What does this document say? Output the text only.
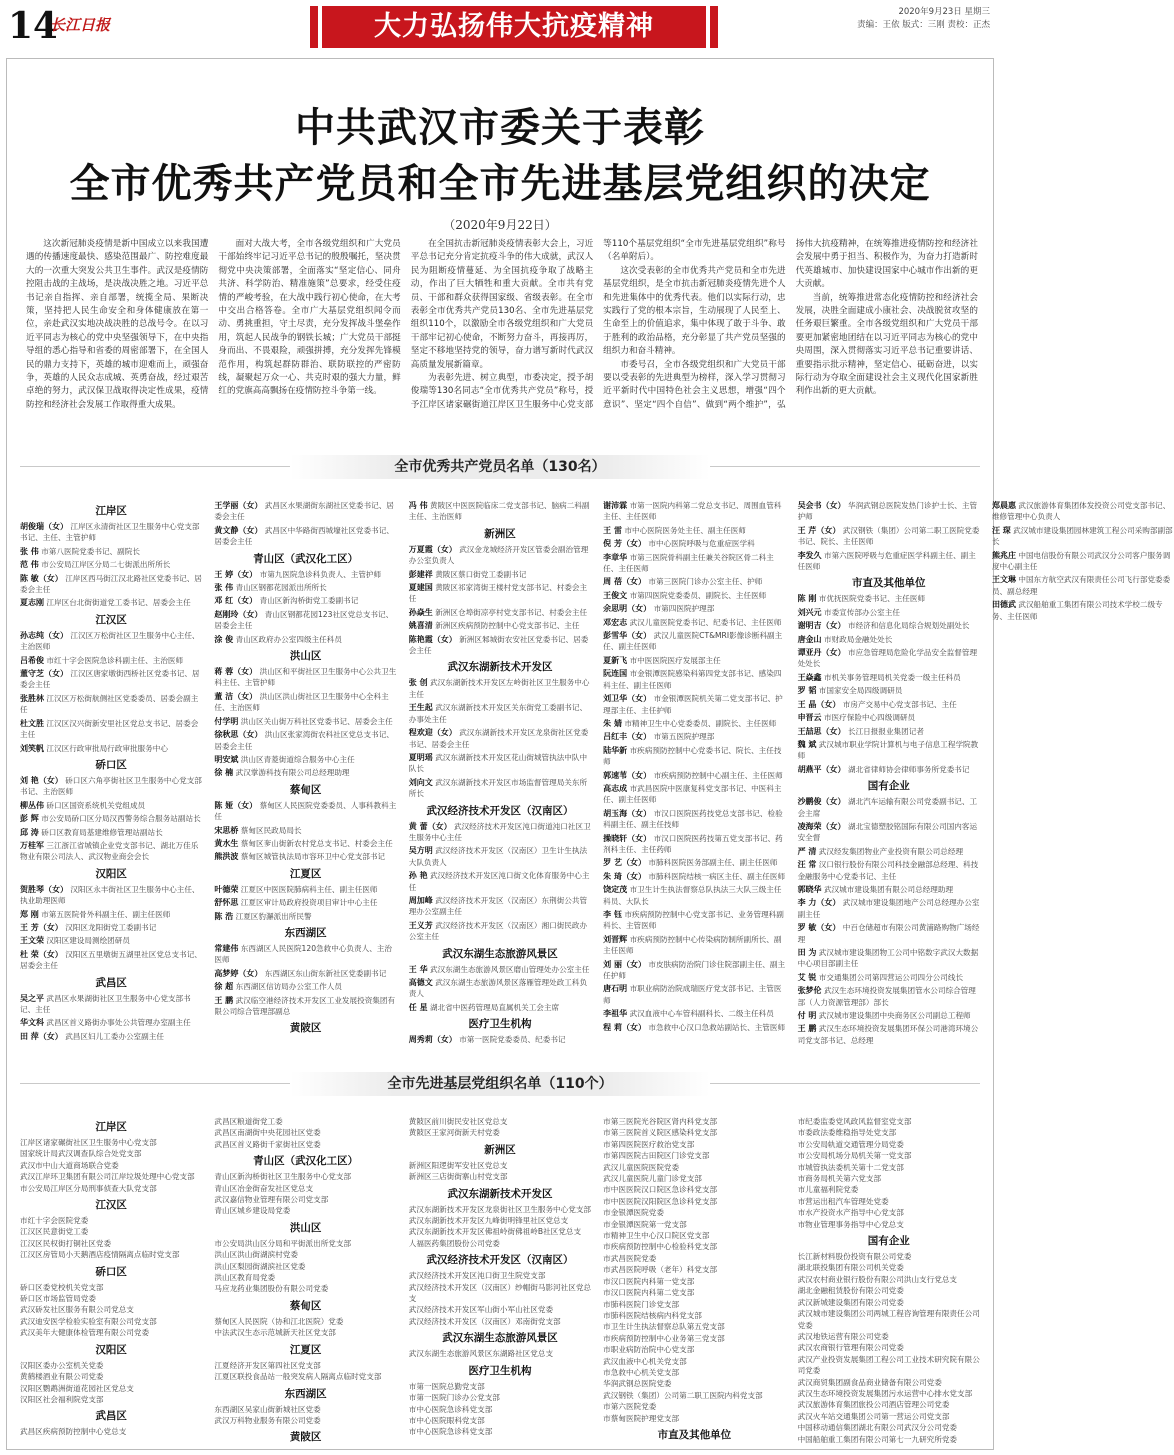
14
长江日报	大力弘扬伟大抗疫精神	2020年9月23日 星期三
责编：王依 版式：三刚 责校：正杰
中共武汉市委关于表彰
全市优秀共产党员和全市先进基层党组织的决定
（2020年9月22日）

这次新冠肺炎疫情是新中国成立以来我国遭遇的传播速度最快、感染范围最广、防控难度最大的一次重大突发公共卫生事件。武汉是疫情防控阻击战的主战场，是决战决胜之地。习近平总书记亲自指挥、亲自部署，统揽全局、果断决策，坚持把人民生命安全和身体健康放在第一位，亲赴武汉实地决战决胜的总战号令。在以习近平同志为核心的党中央坚强领导下，在中央指导组的悉心指导和省委的周密部署下，在全国人民的鼎力支持下，英雄的城市迎难而上，顽强奋争，英雄的人民众志成城、英勇奋战，经过艰苦卓绝的努力，武汉保卫战取得决定性成果，疫情防控和经济社会发展工作取得重大成果。

面对大战大考，全市各级党组织和广大党员干部始终牢记习近平总书记的殷殷嘱托，坚决贯彻党中央决策部署，全面落实“坚定信心、同舟共济、科学防治、精准施策”总要求，经受住疫情的严峻考验，在大战中践行初心使命，在大考中交出合格答卷。全市广大基层党组织闻令而动、勇挑重担，守土尽责，充分发挥战斗堡垒作用，筑起人民战争的钢铁长城；广大党员干部挺身而出、不畏艰险，顽强拼搏，充分发挥先锋模范作用，构筑起群防群治、联防联控的严密防线，凝聚起万众一心、共克时艰的强大力量，鲜红的党旗高高飘扬在疫情防控斗争第一线。

在全国抗击新冠肺炎疫情表彰大会上，习近平总书记充分肯定抗疫斗争的伟大成就，武汉人民为阻断疫情蔓延、为全国抗疫争取了战略主动，作出了巨大牺牲和重大贡献。全市共有党员、干部和群众获得国家级、省级表彰。在全市表彰全市优秀共产党员130名、全市先进基层党组织110个，以激励全市各级党组织和广大党员干部牢记初心使命，不断努力奋斗，再接再厉，坚定不移地坚持党的领导，奋力谱写新时代武汉高质量发展新篇章。

为表彰先进、树立典型，市委决定，授予胡俊瑞等130名同志“全市优秀共产党员”称号，授予江岸区诸家碾街道江岸区卫生服务中心党支部等110个基层党组织“全市先进基层党组织”称号（名单附后）。

这次受表彰的全市优秀共产党员和全市先进基层党组织，是全市抗击新冠肺炎疫情先进个人和先进集体中的优秀代表。他们以实际行动，忠实践行了党的根本宗旨，生动展现了人民至上、生命至上的价值追求，集中体现了敢于斗争、敢于胜利的政治品格，充分彰显了共产党员坚强的组织力和奋斗精神。

市委号召，全市各级党组织和广大党员干部要以受表彰的先进典型为榜样，深入学习贯彻习近平新时代中国特色社会主义思想，增强“四个意识”、坚定“四个自信”、做到“两个维护”，弘扬伟大抗疫精神，在统筹推进疫情防控和经济社会发展中勇于担当、积极作为，为奋力打造新时代英雄城市、加快建设国家中心城市作出新的更大贡献。

当前，统筹推进常态化疫情防控和经济社会发展，决胜全面建成小康社会、决战脱贫攻坚的任务艰巨繁重。全市各级党组织和广大党员干部要更加紧密地团结在以习近平同志为核心的党中央周围，深入贯彻落实习近平总书记重要讲话、重要指示批示精神，坚定信心、砥砺奋进，以实际行动为夺取全面建设社会主义现代化国家新胜利作出新的更大贡献。

全市优秀共产党员名单（130名）
江岸区
胡俊瑞（女） 江岸区永清街社区卫生服务中心党支部书记、主任、主管护师
张 伟 市第八医院党委书记、副院长
范 伟 市公安局江岸区分局二七街派出所所长
陈 敏（女） 江岸区西马街江汉北路社区党委书记、居委会主任
夏志刚 江岸区台北街街道党工委书记、居委会主任
江汉区
孙志纯（女） 江汉区万松街社区卫生服务中心主任、主治医师
吕希俊 市红十字会医院急诊科副主任、主治医师
董守芝（女） 江汉区唐家墩街西桥社区党委书记、居委会主任
张胜林 江汉区万松街航侧社区党委委员、居委会副主任
杜文胜 江汉区汉兴街新安里社区党总支书记、居委会主任
刘笑帆 江汉区行政审批局行政审批服务中心
硚口区
刘 艳（女） 硚口区六角亭街社区卫生服务中心党支部书记、主治医师
柳丛伟 硚口区国资系统机关党组成员
彭 辉 市公安局硚口区分局汉西警务综合服务站副站长
邱 涛 硚口区教育局基建维修管理站副站长
万桂军 三江浙江省城镇企业党支部书记、湖北万佳乐物业有限公司法人、武汉物业商会会长
汉阳区
贺胜琴（女） 汉阳区永丰街社区卫生服务中心主任、执业助理医师
郑 刚 市第五医院骨外科副主任、副主任医师
王 芳（女） 汉阳区龙阳街党工委副书记
王文荣 汉阳区建设局测绘团研员
杜 荣（女） 汉阳区五里墩街五湖里社区党总支书记、居委会主任
武昌区
吴之平 武昌区水果湖街社区卫生服务中心党支部书记、主任
华文科 武昌区首义路街办事处公共管理办室副主任
田 萍（女） 武昌区妇儿工委办公室副主任
王学丽（女） 武昌区水果湖街东湖社区党委书记、居委会主任
黄文静（女） 武昌区中华路街西城壕社区党委书记、居委会主任
青山区（武汉化工区）
王 婷（女） 市第九医院急诊科负责人、主管护师
张 伟 青山区钢都花园派出所所长
邓 红（女） 青山区新沟桥街党工委副书记
赵刚玲（女） 青山区钢都花园123社区党总支书记、居委会主任
涂 俊 青山区政府办公室四级主任科员
洪山区
蒋 蓉（女） 洪山区和平街社区卫生服务中心公共卫生科主任、主管护师
董 洁（女） 洪山区洪山街社区卫生服务中心全科主任、主治医师
付学明 洪山区关山街万科社区党委书记、居委会主任
徐秋思（女） 洪山区张家湾街农科社区党总支书记、居委会主任
明安斌 洪山区青菱街道综合服务中心主任
徐 楠 武汉掌游科技有限公司总经理助理
蔡甸区
陈 娅（女） 蔡甸区人民医院党委委员、人事科教科主任
宋思桥 蔡甸区民政局局长
黄水生 蔡甸区奓山街新农村党总支书记、村委会主任
熊洪波 蔡甸区城管执法局市容环卫中心党支部书记
江夏区
叶德荣 江夏区中医医院肺病科主任、副主任医师
舒怀思 江夏区审计局政府投资项目审计中心主任
陈 浩 江夏区豹澥派出所民警
东西湖区
常建伟 东西湖区人民医院120急救中心负责人、主治医师
高梦婷（女） 东西湖区东山街东新社区党委副书记
徐 超 东西湖区信访局办公室工作人员
王 鹏 武汉临空港经济技术开发区工业发展投资集团有限公司综合管理部副总
黄陂区
冯 伟 黄陂区中医医院临床二党支部书记、脑病二科副主任、主治医师
新洲区
万夏霞（女） 武汉金龙城经济开发区管委会副治管理办公室负责人
彭建祥 黄陂区蔡口街党工委副书记
夏建国 黄陂区祁家湾街王楼村党支部书记、村委会主任
孙焱生 新洲区仓埠街凉亭村党支部书记、村委会主任
姚喜清 新洲区疾病预防控制中心党支部书记、主任
陈艳霞（女） 新洲区邾城街农安社区党委书记、居委会主任
武汉东湖新技术开发区
张 创 武汉东湖新技术开发区左岭街社区卫生服务中心主任
王生起 武汉东湖新技术开发区关东街党工委副书记、办事处主任
程欢迎（女） 武汉东湖新技术开发区龙泉街社区党委书记、居委会主任
夏明瑶 武汉东湖新技术开发区花山街城管执法中队中队长
刘向文 武汉东湖新技术开发区市场监督管理局关东所所长
武汉经济技术开发区（汉南区）
黄 蕾（女） 武汉经济技术开发区沌口街道沌口社区卫生服务中心主任
吴方明 武汉经济技术开发区（汉南区）卫生计生执法大队负责人
孙 艳 武汉经济技术开发区沌口街文化体育服务中心主任
周加峰 武汉经济技术开发区（汉南区）东荆街公共管理办公室副主任
王义芳 武汉经济技术开发区（汉南区）湘口街民政办公室主任
武汉东湖生态旅游风景区
王 华 武汉东湖生态旅游风景区磨山管理处办公室主任
高德文 武汉东湖生态旅游风景区落雁管理处政工科负责人
任 星 湖北省中医药管理局直属机关工会主席
医疗卫生机构
周秀莉（女） 市第一医院党委委员、纪委书记
谢沛霖 市第一医院内科第二党总支书记、周围血管科主任、主任医师
王 雷 市中心医院医务处主任、副主任医师
倪 芳（女） 市中心医院呼吸与危重症医学科
李章华 市第三医院骨科副主任兼关谷院区骨二科主任、主任医师
周 蓓（女） 市第三医院门诊办公室主任、护师
王俊文 市第四医院党委委员、副院长、主任医师
余思明（女） 市第四医院护理部
邓宏志 武汉儿童医院党委书记、纪委书记、主任医师
彭雪华（女） 武汉儿童医院CT&MRI影像诊断科副主任、副主任医师
夏新飞 市中医医院医疗发展部主任
阮连国 市金银潭医院感染科第四党支部书记、感染四科主任、副主任医师
刘卫华（女） 市金银潭医院机关第二党支部书记、护理部主任、主任护师
朱 婧 市精神卫生中心党委委员、副院长、主任医师
吕红丰（女） 市第五医院护理部
陆华新 市疾病预防控制中心党委书记、院长、主任技师
郭速苇（女） 市疾病预防控制中心副主任、主任医师
高志成 市武昌医院中医康复科党支部书记、中医科主任、副主任医师
胡玉海（女） 市汉口医院医药技党总支部书记、检验科副主任、副主任技师
操晓轩（女） 市汉口医院医药技第五党支部书记、药剂科主任、主任药师
罗 艺（女） 市肺科医院医务部副主任、副主任医师
朱 琦（女） 市肺科医院结核一病区主任、副主任医师
饶定茂 市卫生计生执法督察总队执法三大队三级主任科员、大队长
李 钰 市疾病预防控制中心党支部书记、业务管理科副科长、主管医师
刘晋辉 市疾病预防控制中心传染病防制所副所长、副主任医师
刘 丽（女） 市皮肤病防治院门诊住院部副主任、副主任护师
唐石明 市职业病防治院成瑞医疗党支部书记、主管医师
李祖华 武汉血液中心车管科副科长、二级主任科员
程 莉（女） 市急救中心汉口急救站副站长、主管医师
吴会书（女） 华润武钢总医院发热门诊护士长、主管护师
王 芹（女） 武汉钢铁（集团）公司第二职工医院党委书记、院长、主任医师
李发久 市第六医院呼吸与危重症医学科副主任、副主任医师
市直及其他单位
陈 刚 市优抚医院党委书记、主任医师
刘兴元 市委宣传部办公室主任
谢明吉（女） 市经济和信息化局综合规划处副处长
唐金山 市财政局金融处处长
谭亚丹（女） 市应急管理局危险化学品安全监督管理处处长
王焱鑫 市机关事务管理局机关党委一级主任科员
罗 韬 市国家安全局四级调研员
王 晶（女） 市房产交易中心党支部书记、主任
申晋云 市医疗保险中心四级调研员
王喆思（女） 长江日报报业集团记者
魏 斌 武汉城市职业学院计算机与电子信息工程学院教师
胡燕平（女） 湖北省律师协会律师事务所党委书记
国有企业
沙鹏俊（女） 湖北汽车运输有限公司党委副书记、工会主席
凌海荣（女） 湖北宝德塑胶铭国际有限公司国内客运安全督
严 清 武汉经发集团物业产业投资有限公司总经理
汪 常 汉口银行股份有限公司科技金融部总经理、科技金融服务中心党委书记、主任
郭晓华 武汉城市建设集团有限公司总经理助理
李 力（女） 武汉城市建设集团地产公司总经理办公室副主任
罗 敏（女） 中百仓储超市有限公司黄浦路购物广场经理
田 为 武汉城市建设集团物工公司中铭数字武汉大数据中心项目部副主任
艾 锐 市交通集团公司第四营运公司四分公司线长
张梦伦 武汉生态环境投资发展集团管水公司综合管理部（人力资源管理部）部长
付 明 武汉城市建设集团中央商务区公司副总工程师
王 鹏 武汉生态环境投资发展集团环保公司港湾环境公司党支部书记、总经理
郑晨惠 武汉旅游体育集团体发投资公司党支部书记、维修管理中心负责人
汪 琛 武汉城市建设集团园林建筑工程公司采购部副部长
熊兆庄 中国电信股份有限公司武汉分公司客户服务调度中心副主任
王文琳 中国东方航空武汉有限责任公司飞行部党委委员、副总经理
田德武 武汉船舶重工集团有限公司技术学校二级专务、主任医师
全市先进基层党组织名单（110个）
江岸区
江岸区诸家碾街社区卫生服务中心党支部
国家统计局武汉调查队综合处党支部
武汉市中山大道商场联合党委
武汉江岸环卫集团有限公司江岸垃圾处理中心党支部
市公安局江岸区分局刑事侦查大队党支部
江汉区
市红十字会医院党委
江汉区民意街党工委
江汉区民权街打铜社区党委
江汉区房管局小天鹅酒店疫情隔离点临时党支部
硚口区
硚口区委党校机关党支部
硚口区市场监管局党委
武汉硚发社区服务有限公司党总支
武汉迪安医学检验实验室有限公司党支部
武汉美年大健康体检管理有限公司党委
汉阳区
汉阳区委办公室机关党委
黄鹤楼酒业有限公司党委
汉阳区鹦鹉洲街道花园社区党总支
汉阳区社会福利院党支部
武昌区
武昌区疾病预防控制中心党总支
武昌区粮道街党工委
武昌区南湖街中央花园社区党委
武昌区首义路街千家街社区党委
青山区（武汉化工区）
青山区新沟桥街社区卫生服务中心党支部
青山区冶金街奋发社区党总支
武汉嘉信物业管理有限公司党支部
青山区城乡建设局党委
洪山区
市公安局洪山区分局和平街派出所党支部
洪山区洪山街湖滨村党委
洪山区梨园街湖滨社区党委
洪山区教育局党委
马应龙药业集团股份有限公司党委
蔡甸区
蔡甸区人民医院（协和江北医院）党委
中法武汉生态示范城新天社区党支部
江夏区
江夏经济开发区第四社区党支部
江夏区联投食品站一般突发病人隔离点临时党支部
东西湖区
东西湖区吴家山街新城社区党委
武汉万科物业服务有限公司党委
黄陂区
黄陂区前川街民安社区党总支
黄陂区王家河街新天村党委
新洲区
新洲区阳逻街军安社区党总支
新洲区三店街街寨山村党支部
武汉东湖新技术开发区
武汉东湖新技术开发区龙泉街社区卫生服务中心党支部
武汉东湖新技术开发区九峰街明锋里社区党总支
武汉东湖新技术开发区佛祖岭街佛祖岭B社区党总支
人福医药集团股份公司党委
武汉经济技术开发区（汉南区）
武汉经济技术开发区沌口街卫生院党支部
武汉经济技术开发区（汉南区）纱帽街马影河社区党总支
武汉经济技术开发区军山街小军山社区党委
武汉经济技术开发区（汉南区）邓南街党支部
武汉东湖生态旅游风景区
武汉东湖生态旅游风景区东湖路社区党总支
医疗卫生机构
市第一医院总勤党支部
市第一医院门诊办公党支部
市中心医院急诊科党支部
市中心医院眼科党支部
市中心医院急诊科党支部
市第三医院光谷院区肾内科党支部
市第三医院首义院区感染科党支部
市第四医院医疗救治党支部
市第四医院古田院区门诊党支部
武汉儿童医院医院党委
武汉儿童医院儿童门诊党支部
市中医医院汉口院区急诊科党支部
市中医医院汉阳院区急诊科党支部
市金银潭医院党委
市金银潭医院第一党支部
市精神卫生中心汉口院区党支部
市疾病预防控制中心检验科党支部
市武昌医院党委
市武昌医院呼吸（老年）科党支部
市汉口医院内科第一党支部
市汉口医院内科第二党支部
市肺科医院门诊党支部
市肺科医院结核病内科党支部
市卫生计生执法督察总队第五党支部
市疾病预防控制中心业务第三党支部
市职业病防治院中心党支部
武汉血液中心机关党支部
市急救中心机关党支部
华润武钢总医院党委
武汉钢铁（集团）公司第二职工医院内科党支部
市第六医院党委
市蔡甸医院护理党支部
市直及其他单位
市纪委监委党风政风监督室党支部
市委政法委维稳指导处党支部
市公安局轨道交通管理分局党委
市公安局机场分局机关第一党支部
市城管执法委机关第十二党支部
市商务局机关第六党支部
市儿童福利院党委
市营运出租汽车管理处党委
市水产投资水产指导中心党支部
市物业管理事务指导中心党总支
国有企业
长江新材料股份投资有限公司党委
湖北联投集团有限公司机关党委
武汉农村商业银行股份有限公司洪山支行党总支
湖北金融租赁股份有限公司党委
武汉新城建设集团有限公司党委
武汉城市建设集团公司两城工程咨询管理有限责任公司党委
武汉地铁运营有限公司党委
武汉农商银行管理有限公司党委
武汉产业投资发展集团工程公司工业技术研究院有限公司党委
武汉商贸集团副食品商业储备有限公司党委
武汉生态环境投资发展集团污水运营中心排水党支部
武汉旅游体育集团旅投公司酒店管理公司党委
武汉火车站交通集团公司第一营运公司党支部
中国移动通信集团湖北有限公司武汉分公司党委
中国船舶重工集团有限公司第七一九研究所党委
